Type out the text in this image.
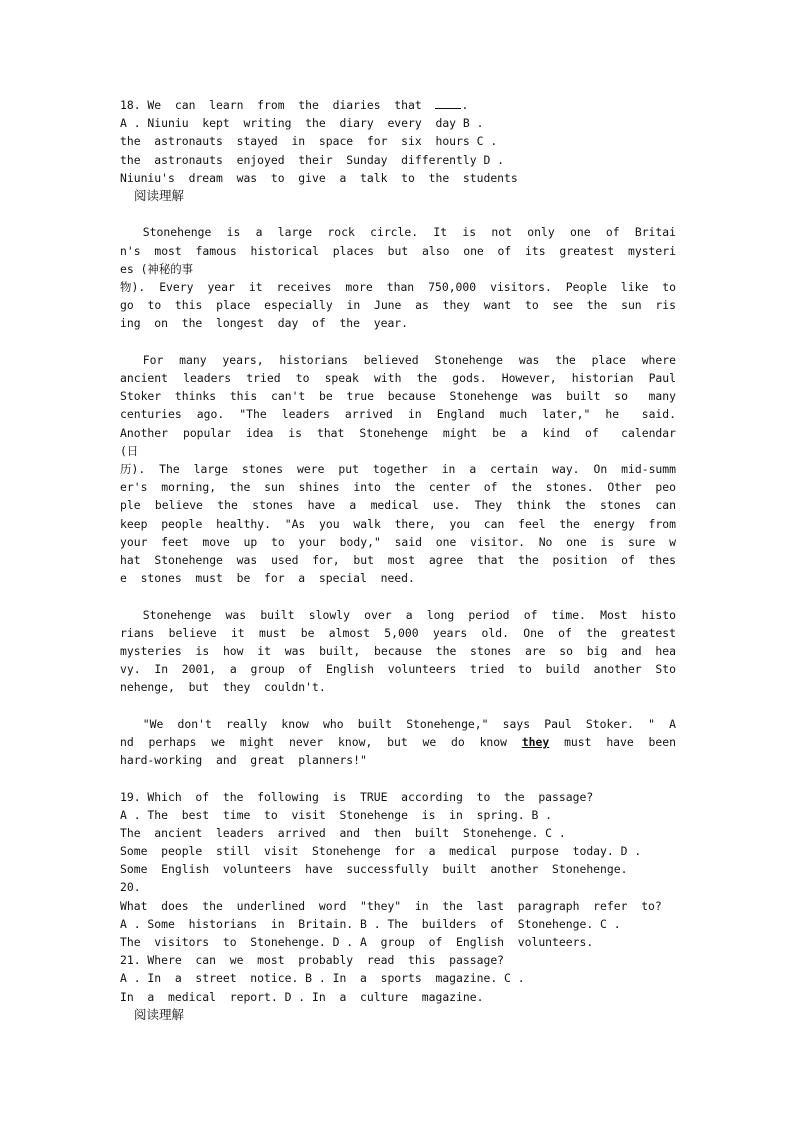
18. We  can  learn  from  the  diaries  that  .
A . Niuniu  kept  writing  the  diary  every  day B .
the  astronauts  stayed  in  space  for  six  hours C .
the  astronauts  enjoyed  their  Sunday  differently D .
Niuniu's  dream  was  to  give  a  talk  to  the  students
阅读理解
Stonehenge  is  a  large  rock  circle.  It  is  not  only  one  of  Britain's  most  famous  historical  places  but  also  one  of  its  greatest  mysteries (神秘的事
物).  Every  year  it  receives  more  than  750,000  visitors.  People  like  to  go  to  this  place  especially  in  June  as  they  want  to  see  the  sun  rising  on  the  longest  day  of  the  year.
For  many  years,  historians  believed  Stonehenge  was  the  place  where  ancient  leaders  tried  to  speak  with  the  gods.  However,  historian  Paul  Stoker  thinks  this  can't  be  true  because  Stonehenge  was  built  so   many  centuries  ago.  "The  leaders  arrived  in  England  much  later,"  he   said.  Another  popular  idea  is  that  Stonehenge  might  be  a  kind  of   calendar  (日
历).  The  large  stones  were  put  together  in  a  certain  way.  On  mid-summer's  morning,  the  sun  shines  into  the  center  of  the  stones.  Other  people  believe  the  stones  have  a  medical  use.  They  think  the  stones  can  keep  people  healthy.  "As  you  walk  there,  you  can  feel  the  energy  from  your  feet  move  up  to  your  body,"  said  one  visitor.  No  one  is  sure  what  Stonehenge  was  used  for,  but  most  agree  that  the  position  of  these  stones  must  be  for  a  special  need.
Stonehenge  was  built  slowly  over  a  long  period  of  time.  Most  historians  believe  it  must  be  almost  5,000  years  old.  One  of  the  greatest  mysteries  is  how  it  was  built,  because  the  stones  are  so  big  and  heavy.  In  2001,  a  group  of  English  volunteers  tried  to  build  another  Stonehenge,  but  they  couldn't.
"We  don't  really  know  who  built  Stonehenge,"  says  Paul  Stoker.  "  And  perhaps  we  might  never  know,  but  we  do  know  they  must  have  been  hard-working  and  great  planners!"
19. Which  of  the  following  is  TRUE  according  to  the  passage?
A . The  best  time  to  visit  Stonehenge  is  in  spring. B .
The  ancient  leaders  arrived  and  then  built  Stonehenge. C .
Some  people  still  visit  Stonehenge  for  a  medical  purpose  today. D .
Some  English  volunteers  have  successfully  built  another  Stonehenge.
20.
What  does  the  underlined  word  "they"  in  the  last  paragraph  refer  to?
A . Some  historians  in  Britain. B . The  builders  of  Stonehenge. C .
The  visitors  to  Stonehenge. D . A  group  of  English  volunteers.
21. Where  can  we  most  probably  read  this  passage?
A . In  a  street  notice. B . In  a  sports  magazine. C .
In  a  medical  report. D . In  a  culture  magazine.
阅读理解
